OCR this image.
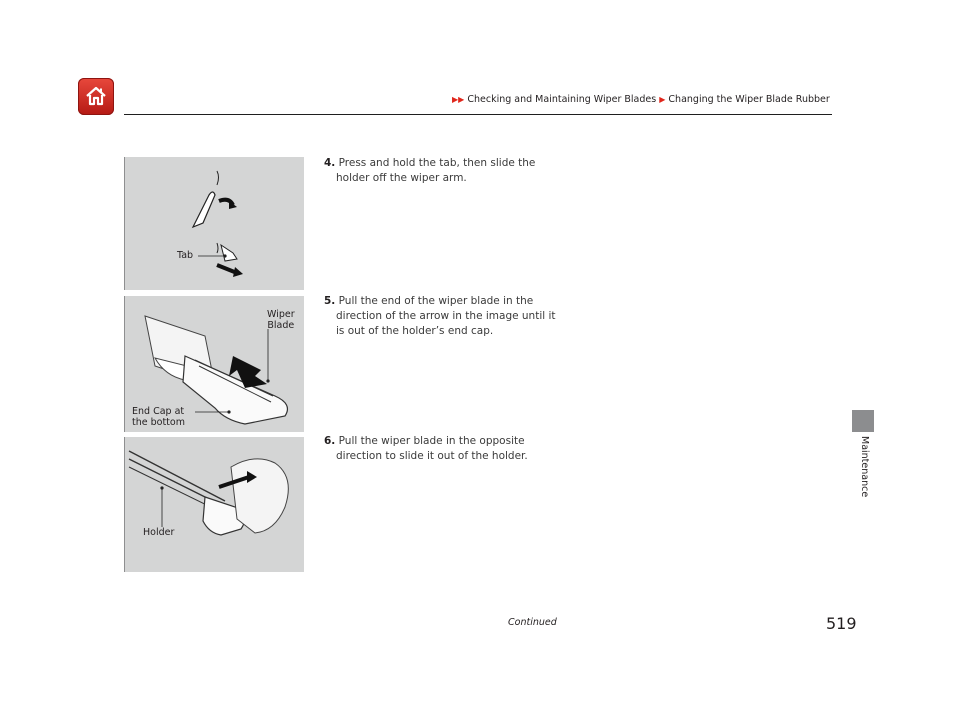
▶▶ Checking and Maintaining Wiper Blades ▶ Changing the Wiper Blade Rubber
Tab
4. Press and hold the tab, then slide the holder off the wiper arm.
Wiper
Blade
End Cap at
the bottom
5. Pull the end of the wiper blade in the direction of the arrow in the image until it is out of the holder’s end cap.
Holder
6. Pull the wiper blade in the opposite direction to slide it out of the holder.	Maintenance
Continued	519
